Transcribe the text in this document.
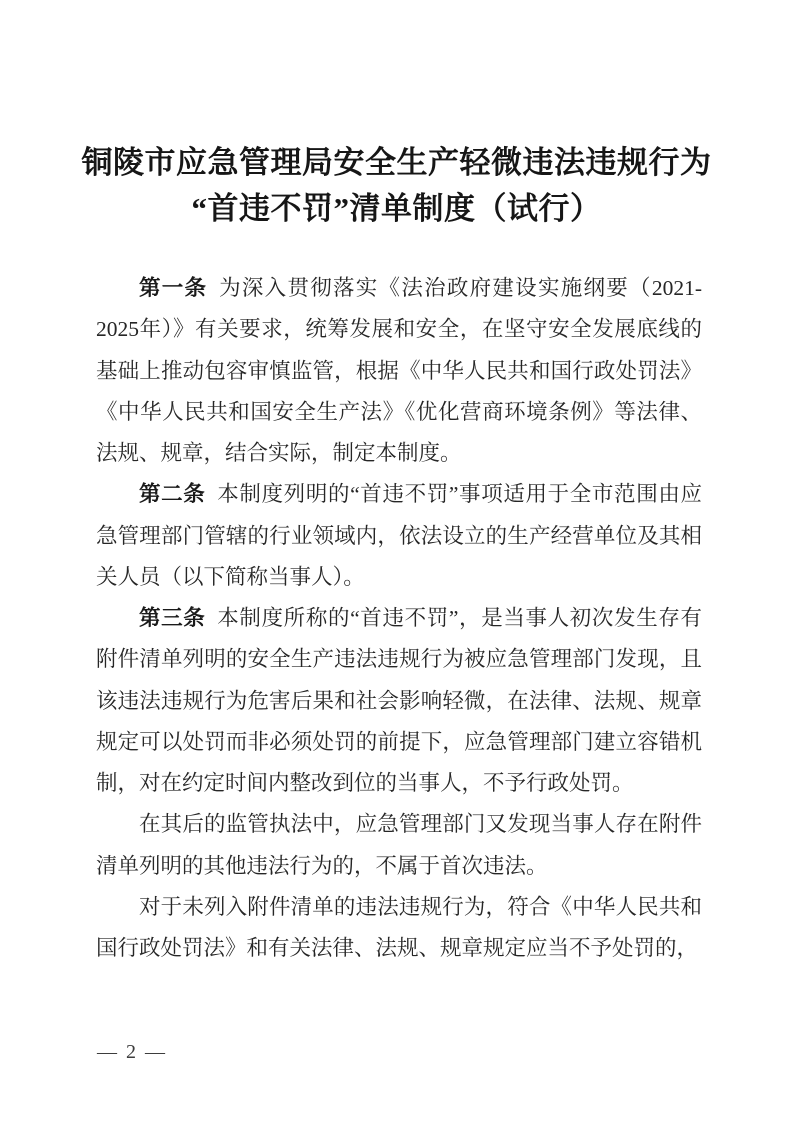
铜陵市应急管理局安全生产轻微违法违规行为
“首违不罚”清单制度（试行）

第一条 为深入贯彻落实《法治政府建设实施纲要（2021-2025年）》有关要求，统筹发展和安全，在坚守安全发展底线的基础上推动包容审慎监管，根据《中华人民共和国行政处罚法》《中华人民共和国安全生产法》《优化营商环境条例》等法律、法规、规章，结合实际，制定本制度。

第二条 本制度列明的“首违不罚”事项适用于全市范围由应急管理部门管辖的行业领域内，依法设立的生产经营单位及其相关人员（以下简称当事人）。

第三条 本制度所称的“首违不罚”，是当事人初次发生存有附件清单列明的安全生产违法违规行为被应急管理部门发现，且该违法违规行为危害后果和社会影响轻微，在法律、法规、规章规定可以处罚而非必须处罚的前提下，应急管理部门建立容错机制，对在约定时间内整改到位的当事人，不予行政处罚。

在其后的监管执法中，应急管理部门又发现当事人存在附件清单列明的其他违法行为的，不属于首次违法。

对于未列入附件清单的违法违规行为，符合《中华人民共和国行政处罚法》和有关法律、法规、规章规定应当不予处罚的，

— 2 —
